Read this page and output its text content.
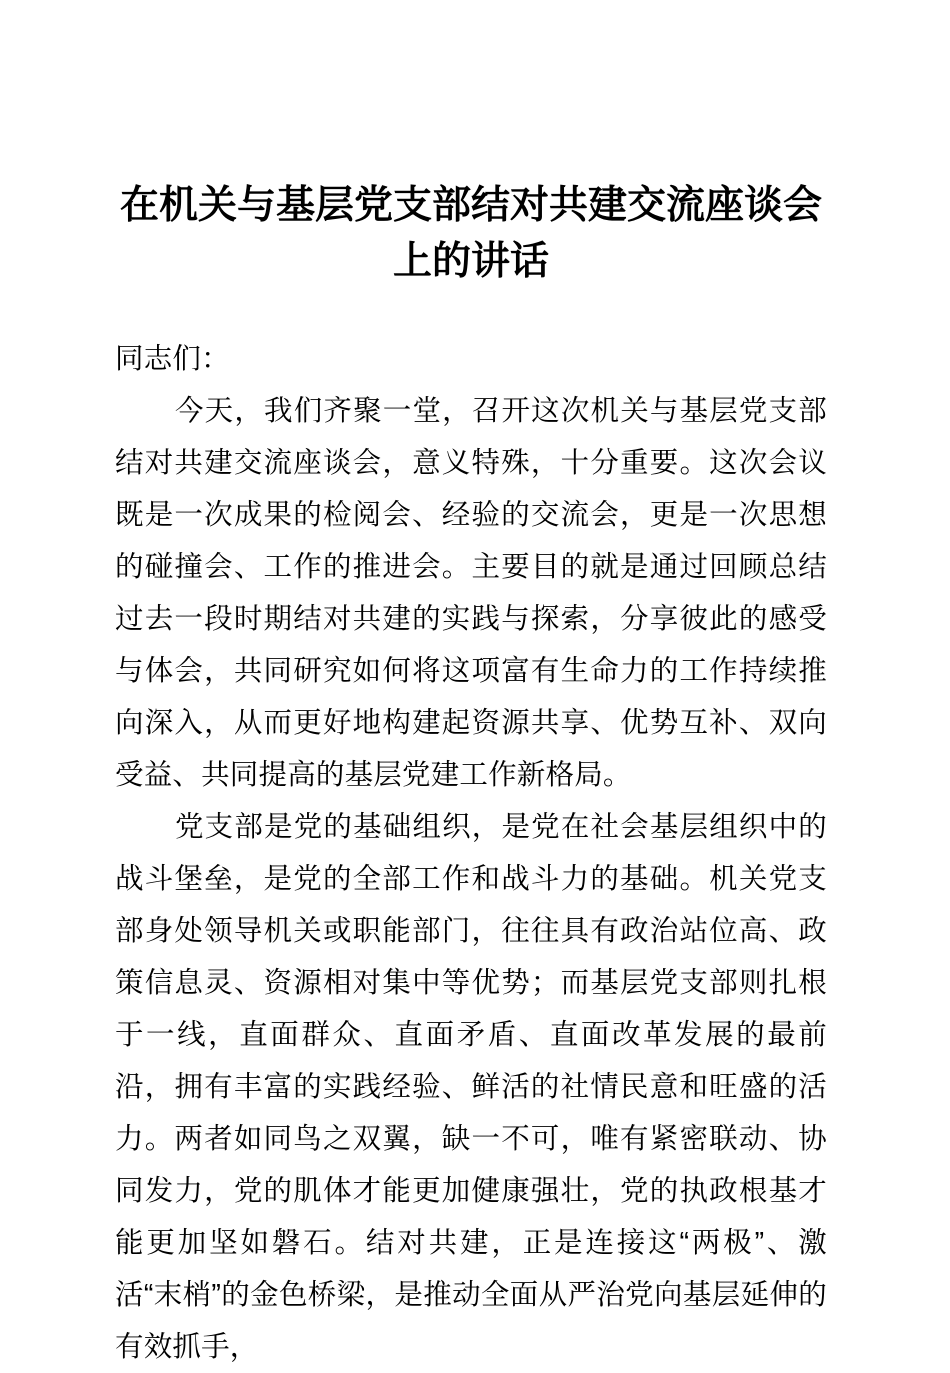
在机关与基层党支部结对共建交流座谈会
上的讲话

同志们：

今天，我们齐聚一堂，召开这次机关与基层党支部结对共建交流座谈会，意义特殊，十分重要。这次会议既是一次成果的检阅会、经验的交流会，更是一次思想的碰撞会、工作的推进会。主要目的就是通过回顾总结过去一段时期结对共建的实践与探索，分享彼此的感受与体会，共同研究如何将这项富有生命力的工作持续推向深入，从而更好地构建起资源共享、优势互补、双向受益、共同提高的基层党建工作新格局。

党支部是党的基础组织，是党在社会基层组织中的战斗堡垒，是党的全部工作和战斗力的基础。机关党支部身处领导机关或职能部门，往往具有政治站位高、政策信息灵、资源相对集中等优势；而基层党支部则扎根于一线，直面群众、直面矛盾、直面改革发展的最前沿，拥有丰富的实践经验、鲜活的社情民意和旺盛的活力。两者如同鸟之双翼，缺一不可，唯有紧密联动、协同发力，党的肌体才能更加健康强壮，党的执政根基才能更加坚如磐石。结对共建，正是连接这“两极”、激活“末梢”的金色桥梁，是推动全面从严治党向基层延伸的有效抓手，
